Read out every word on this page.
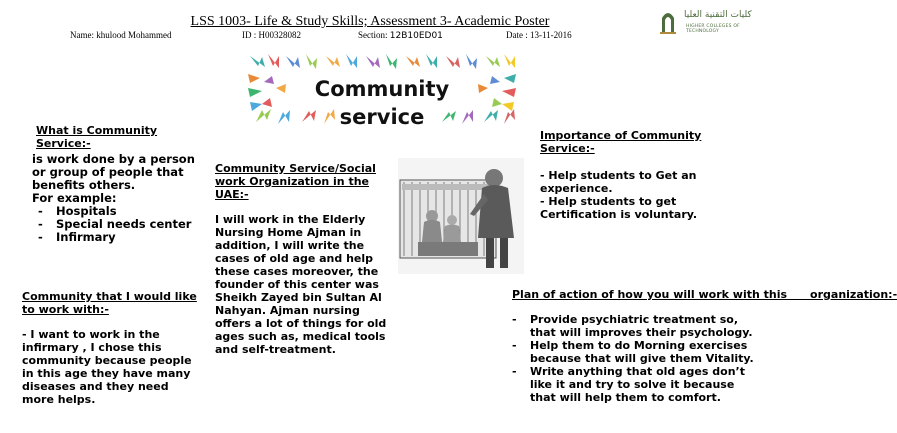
LSS 1003- Life & Study Skills; Assessment 3- Academic Poster
Name: khulood Mohammed	ID : H00328082	Section: 12B10ED01	Date : 13-11-2016
كليات التقنية العليا
HIGHER COLLEGES OF TECHNOLOGY
Community
service
What is Community Service:-
is work done by a person or group of people that benefits others.
For example:
- Hospitals
- Special needs center
- Infirmary
Community Service/Social work Organization in the UAE:-
I will work in the Elderly Nursing Home Ajman in addition, I will write the cases of old age and help these cases moreover, the founder of this center was Sheikh Zayed bin Sultan Al Nahyan. Ajman nursing offers a lot of things for old ages such as, medical tools and self-treatment.
Community that I would like to work with:-
- I want to work in the infirmary , I chose this community because people in this age they have many diseases and they need more helps.
Importance of Community Service:-
- Help students to Get an experience.
- Help students to get Certification is voluntary.
Plan of action of how you will work with this      organization:-
- Provide psychiatric treatment so, that will improves their psychology.
- Help them to do Morning exercises because that will give them Vitality.
- Write anything that old ages don’t like it and try to solve it because that will help them to comfort.
